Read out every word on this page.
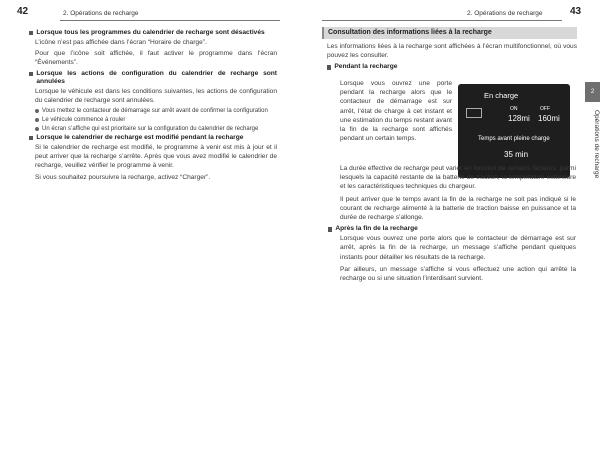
42	2. Opérations de recharge
Lorsque tous les programmes du calendrier de recharge sont désactivés

L’icône n’est pas affichée dans l’écran “Horaire de charge”.

Pour que l’icône soit affichée, il faut activer le programme dans l’écran “Événements”.

Lorsque les actions de configuration du calendrier de recharge sont annulées

Lorsque le véhicule est dans les conditions suivantes, les actions de configuration du calendrier de recharge sont annulées.

Vous mettez le contacteur de démarrage sur arrêt avant de confirmer la configuration
Le véhicule commence à rouler
Un écran s’affiche qui est prioritaire sur la configuration du calendrier de recharge
Lorsque le calendrier de recharge est modifié pendant la recharge

Si le calendrier de recharge est modifié, le programme à venir est mis à jour et il peut arriver que la recharge s’arrête. Après que vous avez modifié le calendrier de recharge, veuillez vérifier le programme à venir.

Si vous souhaitez poursuivre la recharge, activez “Charger”.

2. Opérations de recharge	43
Consultation des informations liées à la recharge

Les informations liées à la recharge sont affichées à l’écran multifonctionnel, où vous pouvez les consulter.

Pendant la recharge

Lorsque vous ouvrez une porte pendant la recharge alors que le contacteur de démarrage est sur arrêt, l’état de charge à cet instant et une estimation du temps restant avant la fin de la recharge sont affichés pendant un certain temps.

En charge
ON	OFF
128mi 160mi
Temps avant pleine charge
35 min

La durée effective de recharge peut varier en fonction de certains facteurs, parmi lesquels la capacité restante de la batterie de traction, la température extérieure et les caractéristiques techniques du chargeur.

Il peut arriver que le temps avant la fin de la recharge ne soit pas indiqué si le courant de recharge alimenté à la batterie de traction baisse en puissance et la durée de recharge s’allonge.

Après la fin de la recharge

Lorsque vous ouvrez une porte alors que le contacteur de démarrage est sur arrêt, après la fin de la recharge, un message s’affiche pendant quelques instants pour détailler les résultats de la recharge.

Par ailleurs, un message s’affiche si vous effectuez une action qui arrête la recharge ou si une situation l’interdisant survient.

2
Opérations de recharge
